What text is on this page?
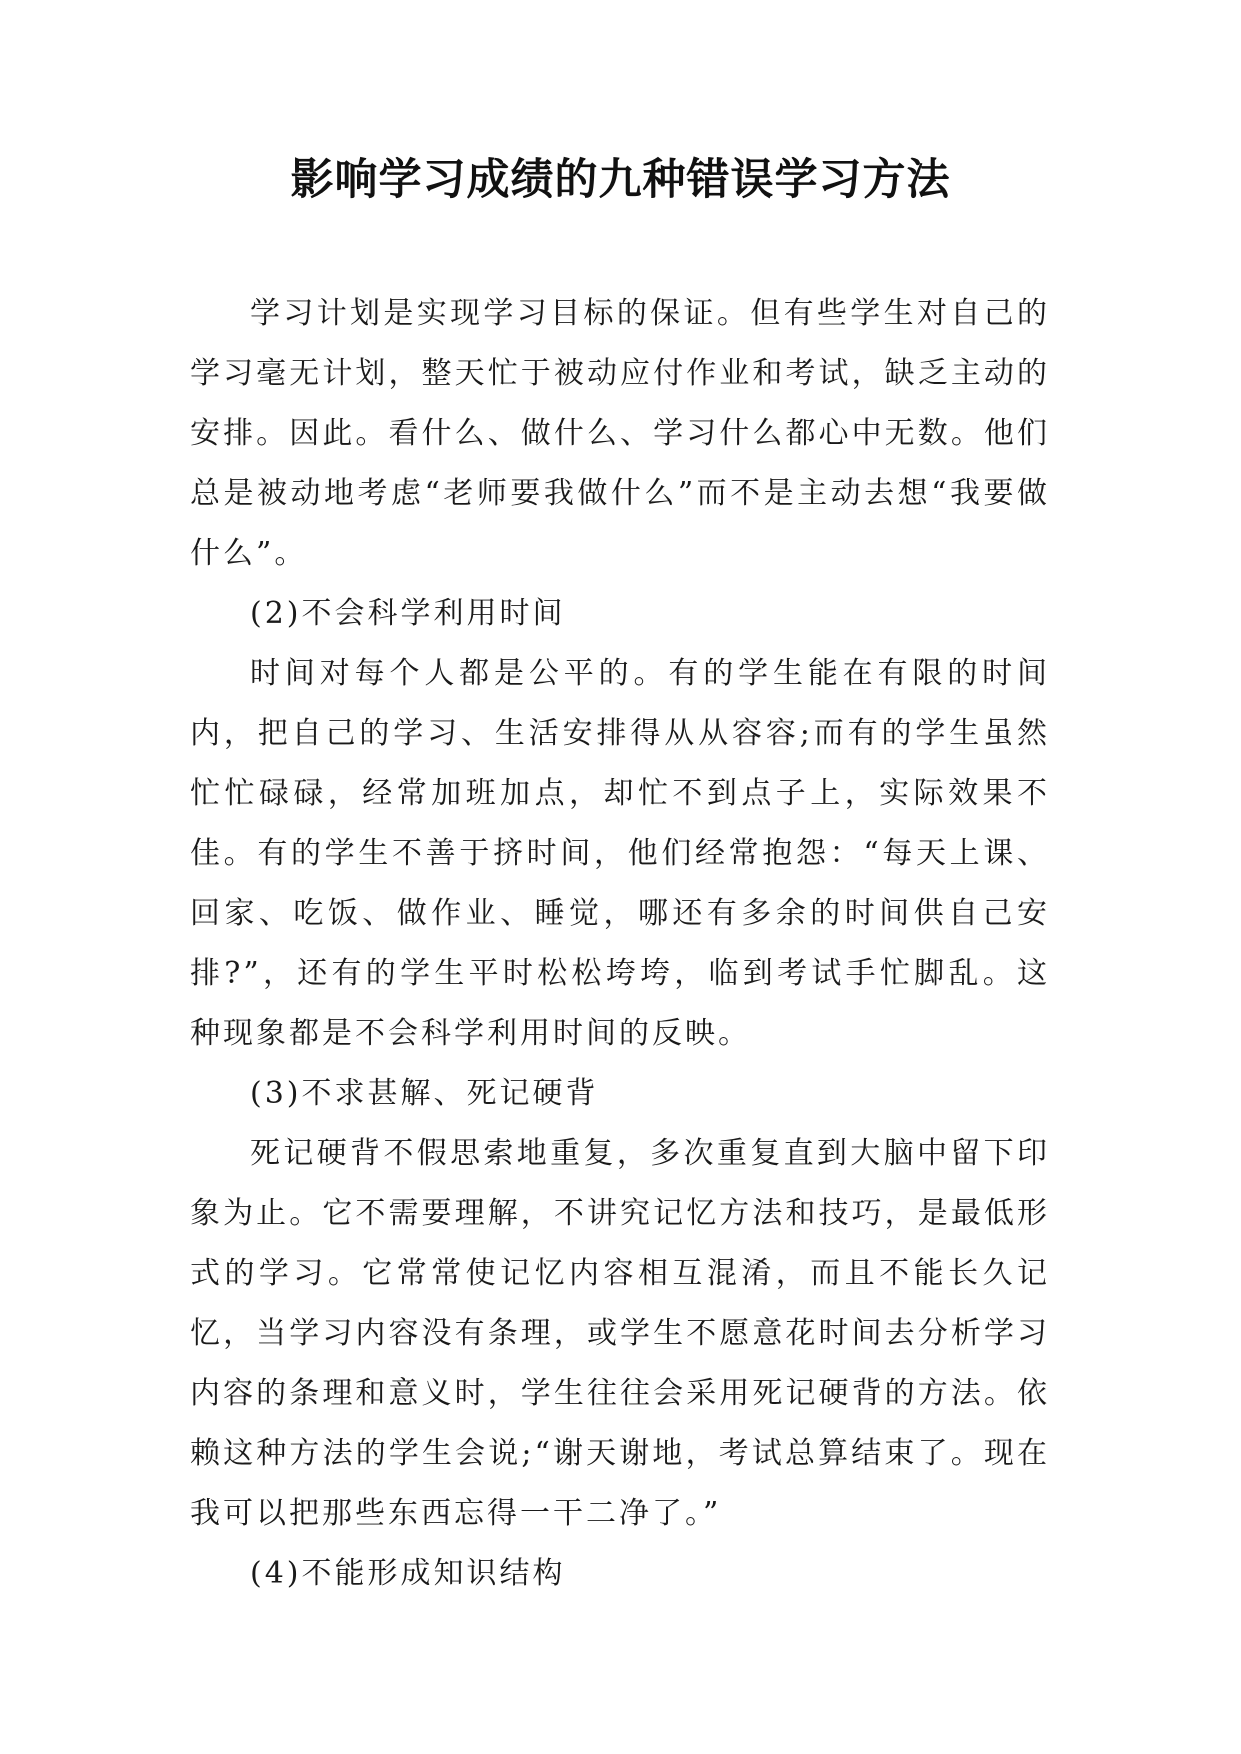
影响学习成绩的九种错误学习方法

学习计划是实现学习目标的保证。但有些学生对自己的学习毫无计划，整天忙于被动应付作业和考试，缺乏主动的安排。因此。看什么、做什么、学习什么都心中无数。他们总是被动地考虑“老师要我做什么”而不是主动去想“我要做什么”。

(2)不会科学利用时间

时间对每个人都是公平的。有的学生能在有限的时间内，把自己的学习、生活安排得从从容容;而有的学生虽然忙忙碌碌，经常加班加点，却忙不到点子上，实际效果不佳。有的学生不善于挤时间，他们经常抱怨：“每天上课、回家、吃饭、做作业、睡觉，哪还有多余的时间供自己安排?”，还有的学生平时松松垮垮，临到考试手忙脚乱。这种现象都是不会科学利用时间的反映。

(3)不求甚解、死记硬背

死记硬背不假思索地重复，多次重复直到大脑中留下印象为止。它不需要理解，不讲究记忆方法和技巧，是最低形式的学习。它常常使记忆内容相互混淆，而且不能长久记忆，当学习内容没有条理，或学生不愿意花时间去分析学习内容的条理和意义时，学生往往会采用死记硬背的方法。依赖这种方法的学生会说;“谢天谢地，考试总算结束了。现在我可以把那些东西忘得一干二净了。”

(4)不能形成知识结构
